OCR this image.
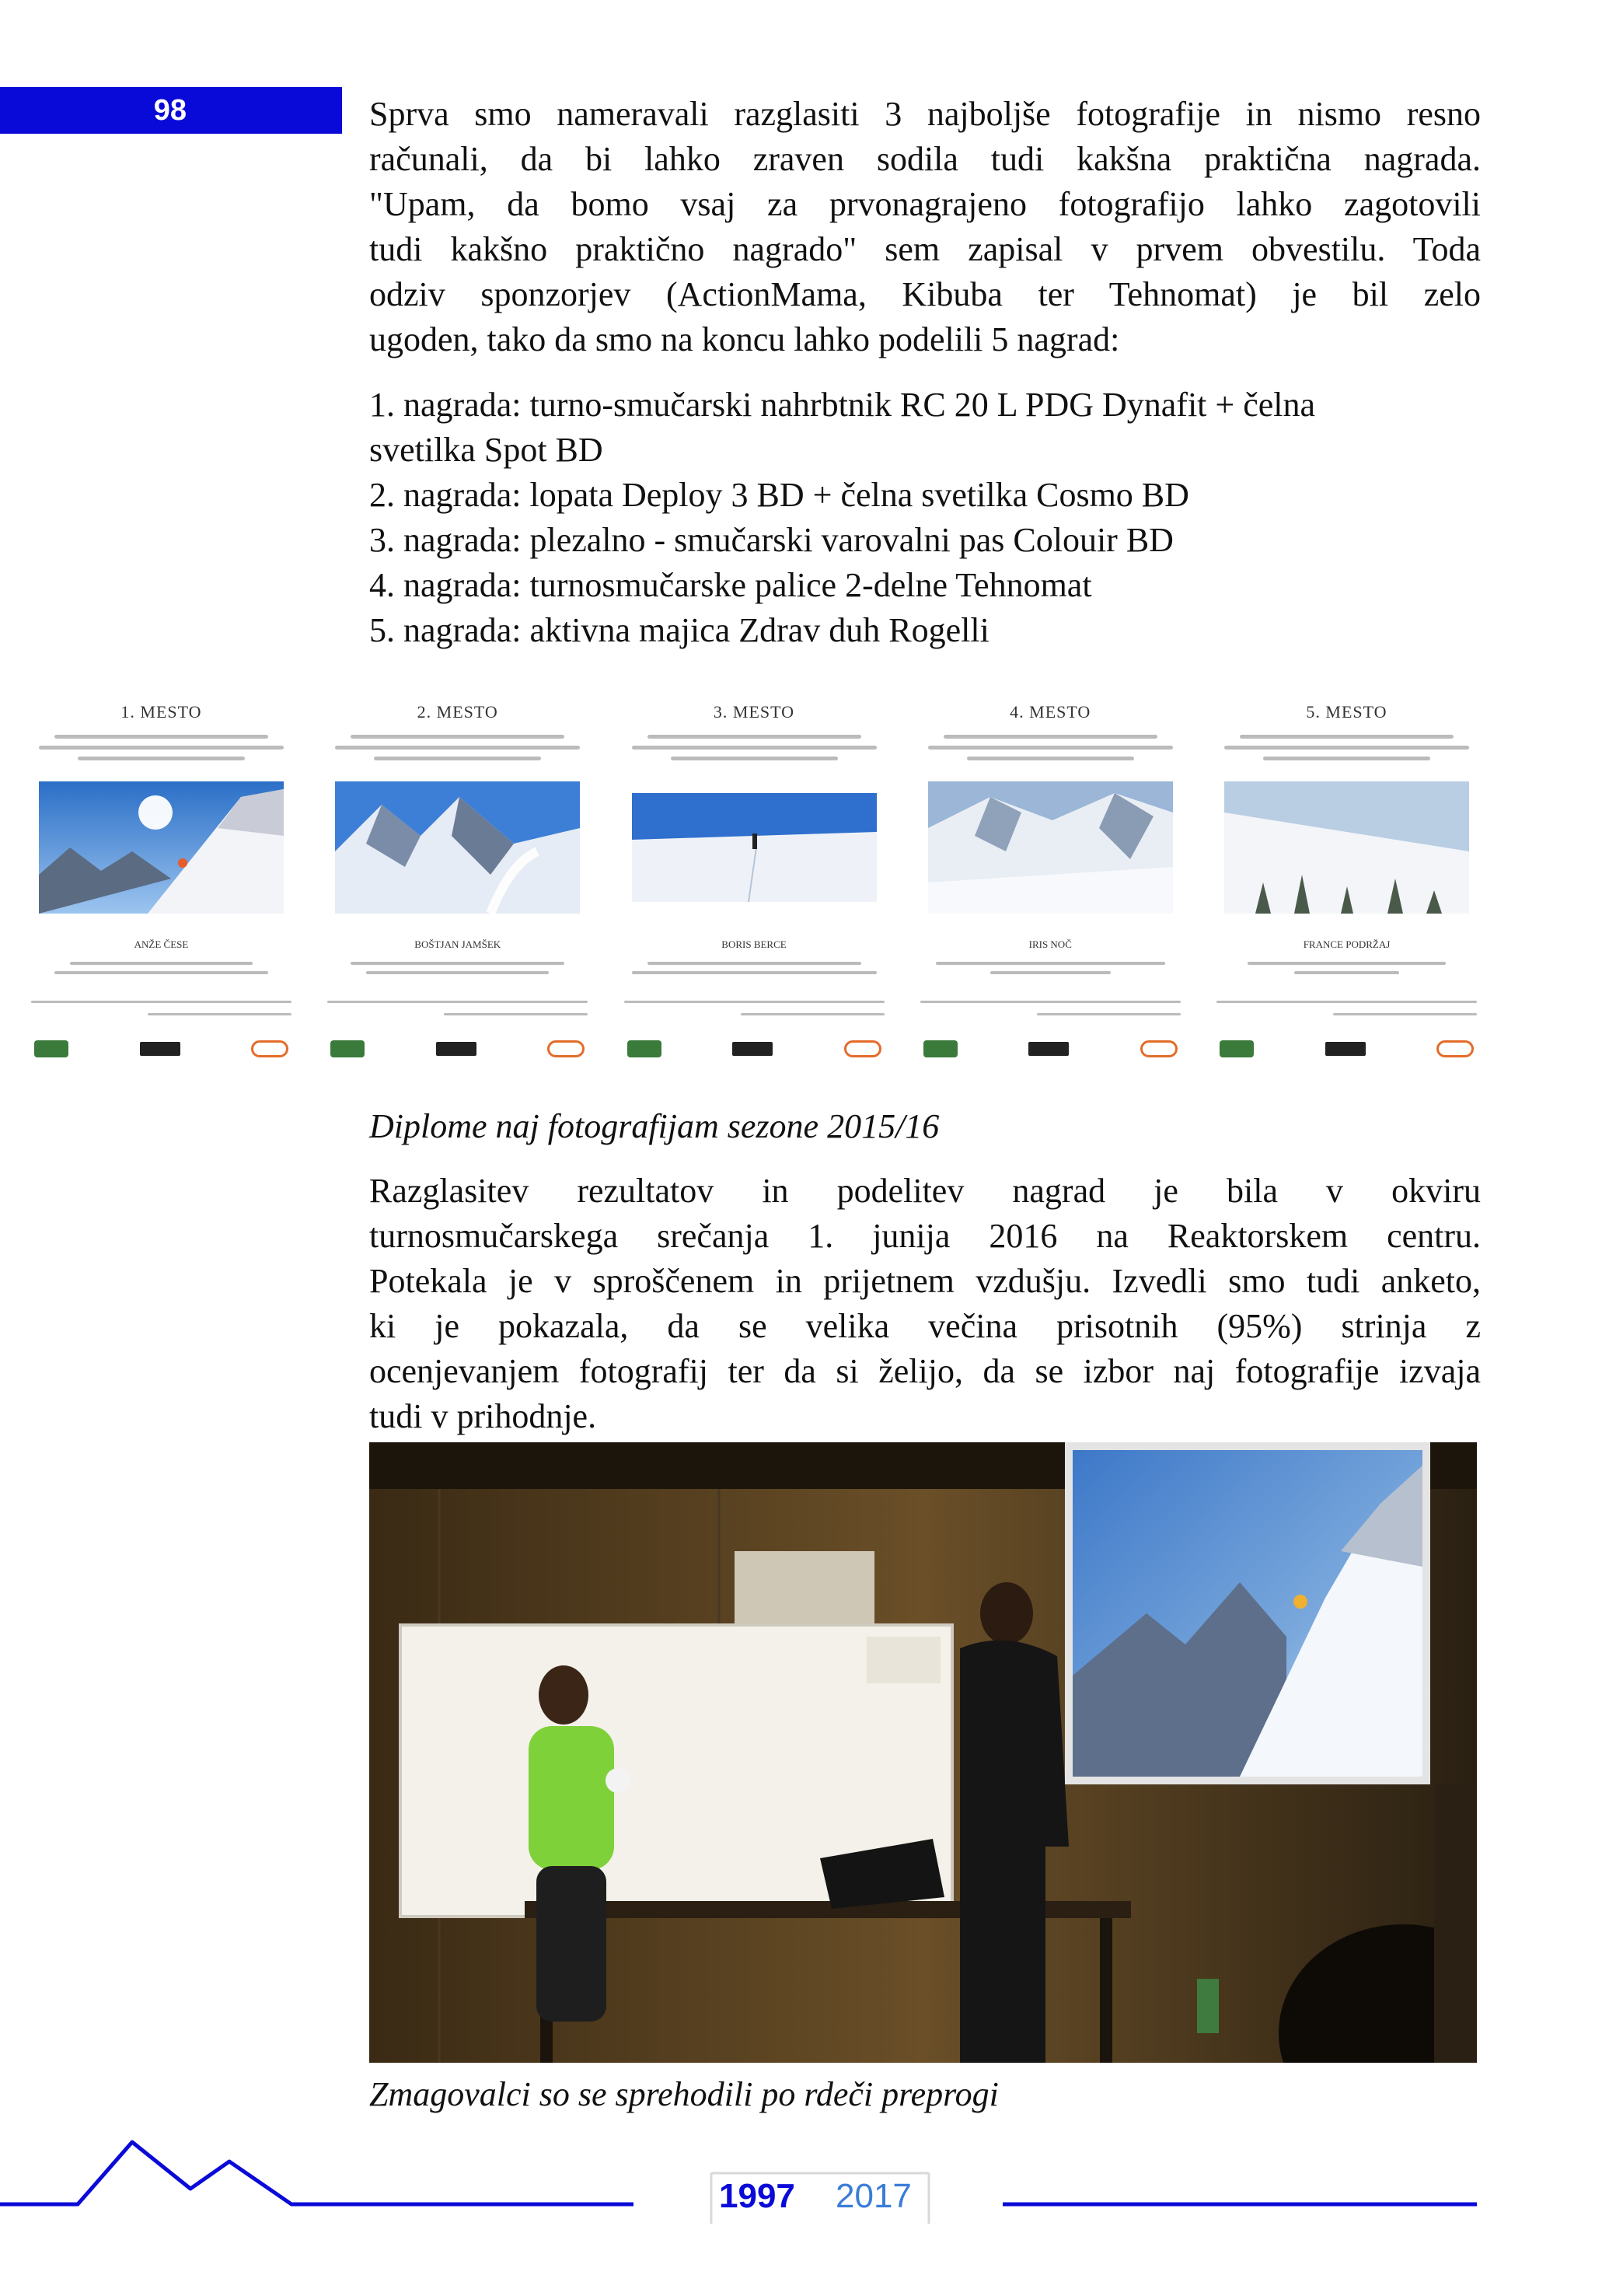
98	Sprva smo nameravali razglasiti 3 najboljše fotografije in nismo resno
računali, da bi lahko zraven sodila tudi kakšna praktična nagrada.
"Upam, da bomo vsaj za prvonagrajeno fotografijo lahko zagotovili
tudi kakšno praktično nagrado" sem zapisal v prvem obvestilu. Toda
odziv sponzorjev (ActionMama, Kibuba ter Tehnomat) je bil zelo
ugoden, tako da smo na koncu lahko podelili 5 nagrad:
1. nagrada: turno-smučarski nahrbtnik RC 20 L PDG Dynafit + čelna
svetilka Spot BD
2. nagrada: lopata Deploy 3 BD + čelna svetilka Cosmo BD
3. nagrada: plezalno - smučarski varovalni pas Colouir BD
4. nagrada: turnosmučarske palice 2-delne Tehnomat
5. nagrada: aktivna majica Zdrav duh Rogelli
1. MESTO
ANŽE ČESE
2. MESTO
BOŠTJAN JAMŠEK
3. MESTO
BORIS BERCE
4. MESTO
IRIS NOČ
5. MESTO
FRANCE PODRŽAJ
Diplome naj fotografijam sezone 2015/16
Razglasitev rezultatov in podelitev nagrad je bila v okviru
turnosmučarskega srečanja 1. junija 2016 na Reaktorskem centru.
Potekala je v sproščenem in prijetnem vzdušju. Izvedli smo tudi anketo,
ki je pokazala, da se velika večina prisotnih (95%) strinja z
ocenjevanjem fotografij ter da si želijo, da se izbor naj fotografije izvaja
tudi v prihodnje.
Zmagovalci so se sprehodili po rdeči preprogi
1997 2017
